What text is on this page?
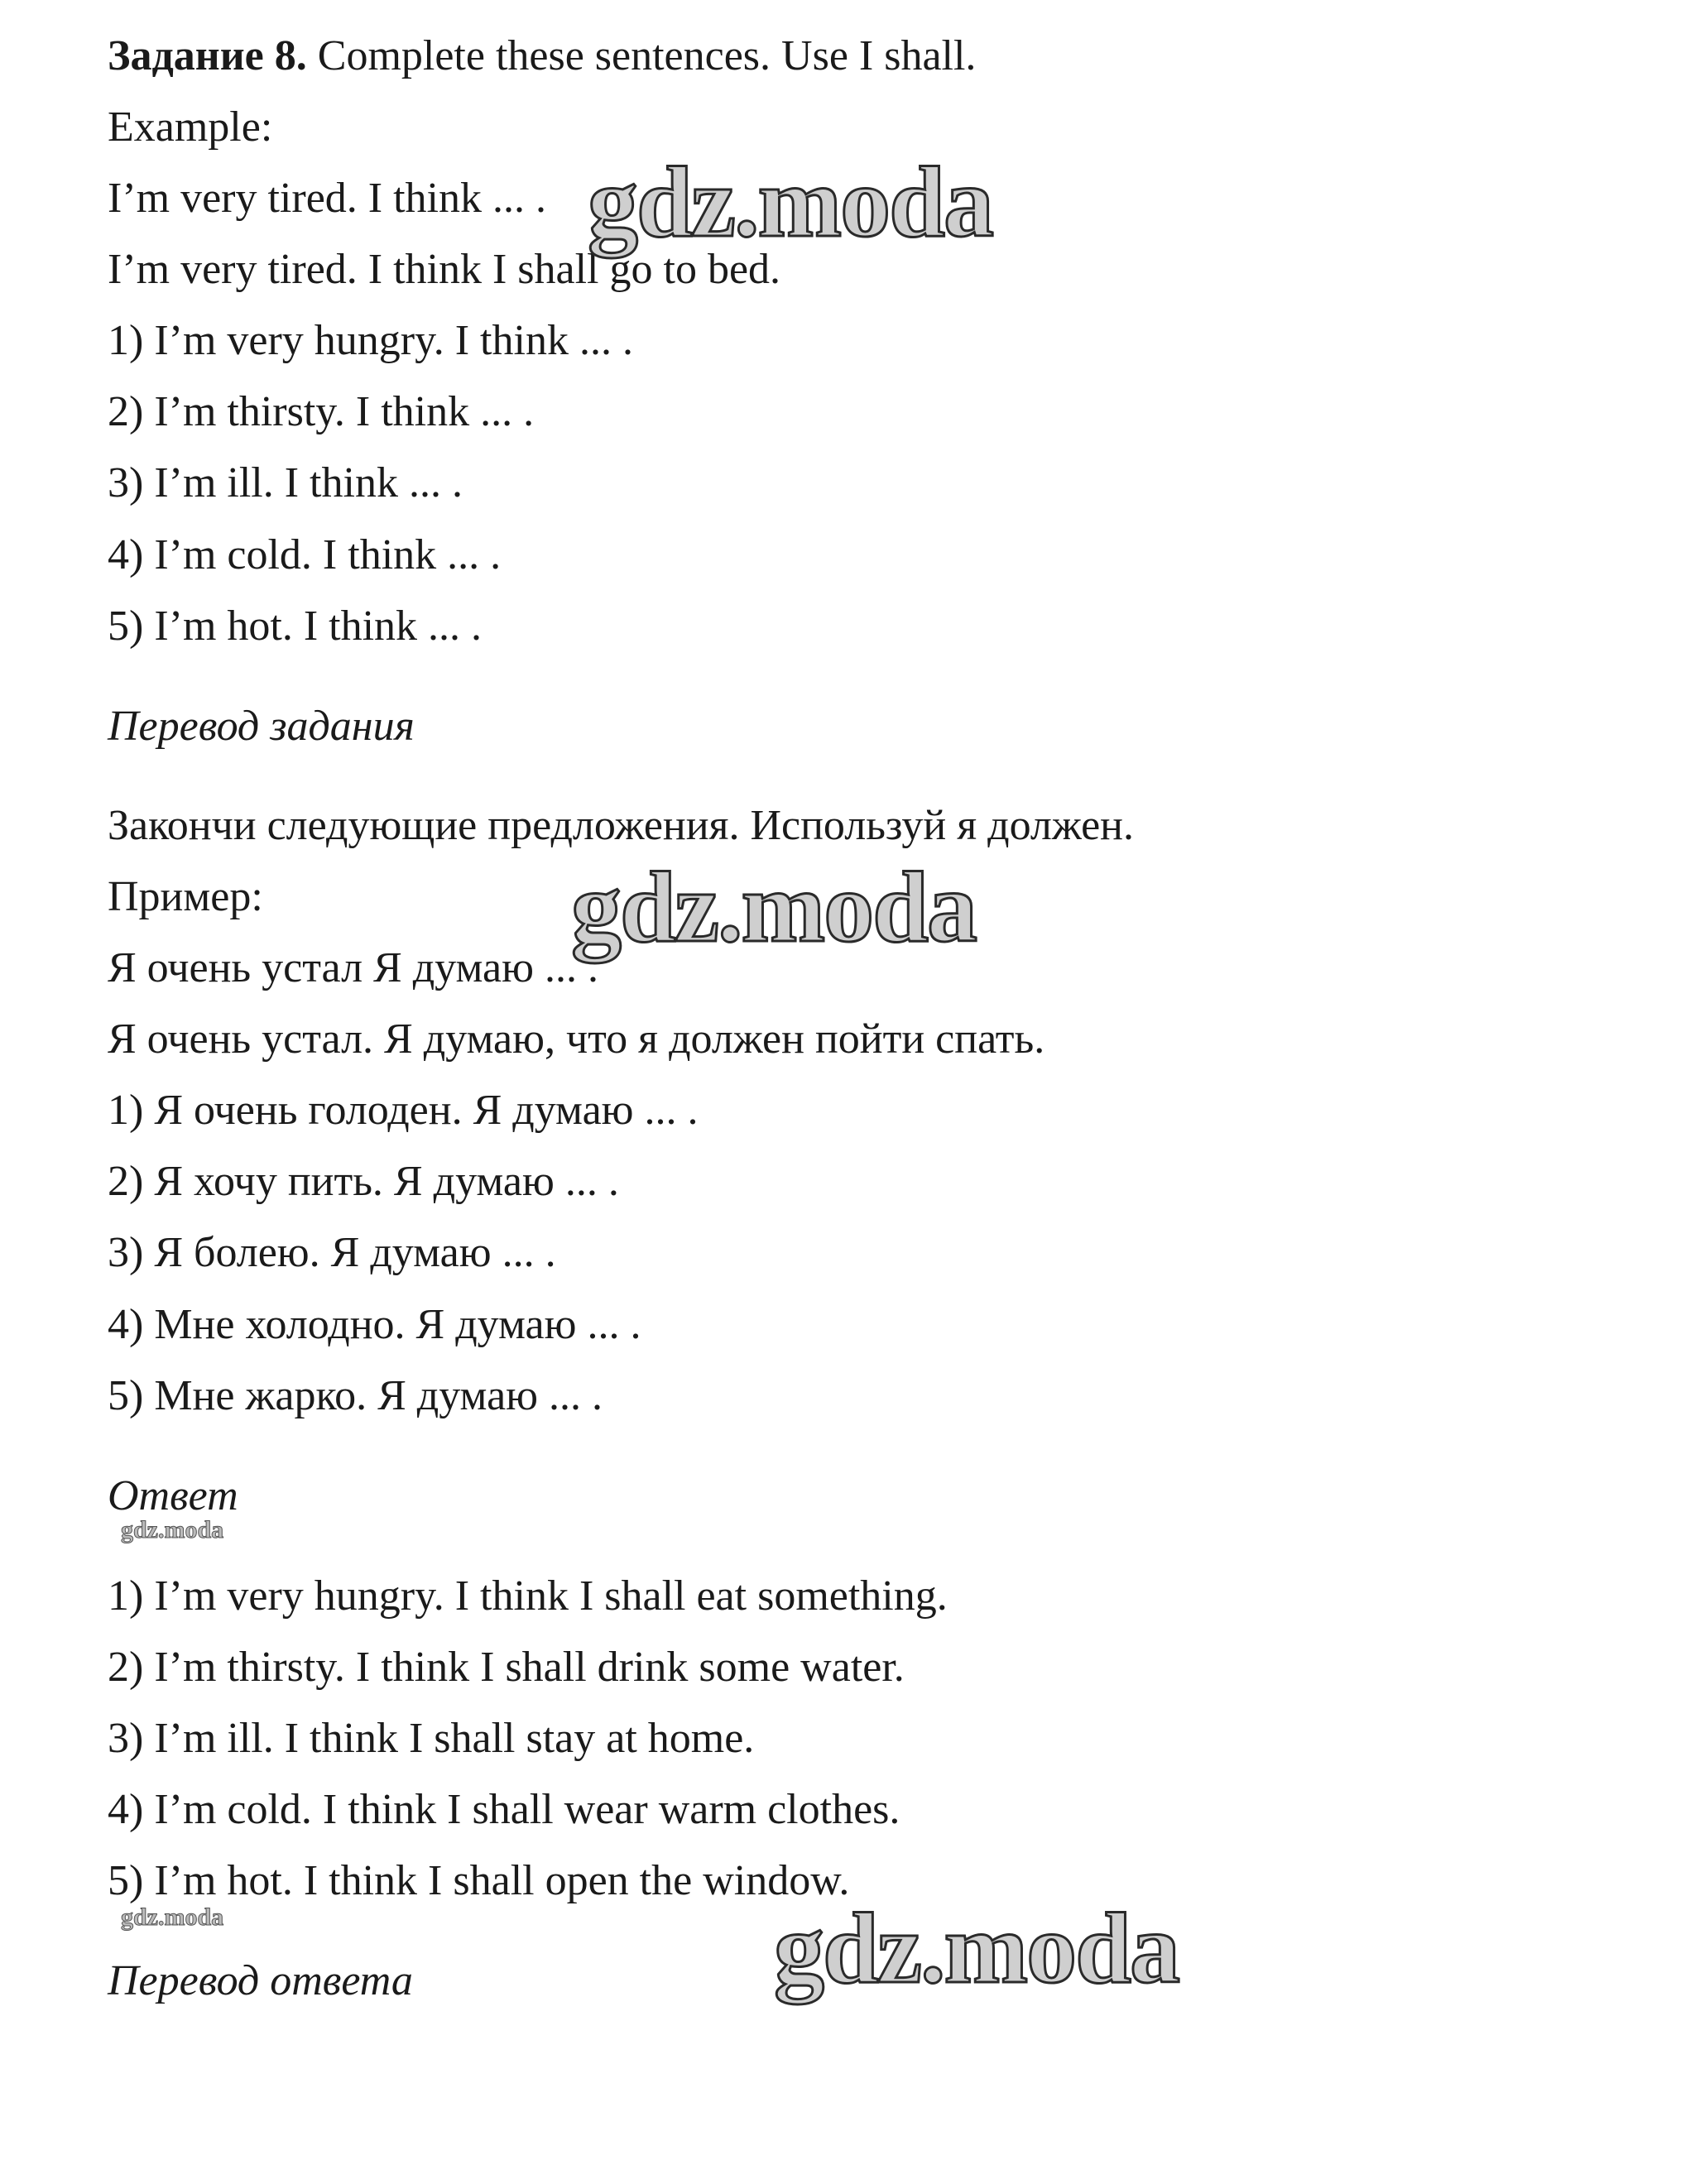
Задание 8. Complete these sentences. Use I shall.
Example:
I’m very tired. I think ... .
I’m very tired. I think I shall go to bed.
1) I’m very hungry. I think ... .
2) I’m thirsty. I think ... .
3) I’m ill. I think ... .
4) I’m cold. I think ... .
5) I’m hot. I think ... .
Перевод задания
Закончи следующие предложения. Используй я должен.
Пример:
Я очень устал Я думаю ... .
Я очень устал. Я думаю, что я должен пойти спать.
1) Я очень голоден. Я думаю ... .
2) Я хочу пить. Я думаю ... .
3) Я болею. Я думаю ... .
4) Мне холодно. Я думаю ... .
5) Мне жарко. Я думаю ... .
Ответ
1) I’m very hungry. I think I shall eat something.
2) I’m thirsty. I think I shall drink some water.
3) I’m ill. I think I shall stay at home.
4) I’m cold. I think I shall wear warm clothes.
5) I’m hot. I think I shall open the window.
Перевод ответа
gdz.moda
gdz.moda
gdz.moda
gdz.moda
gdz.moda
